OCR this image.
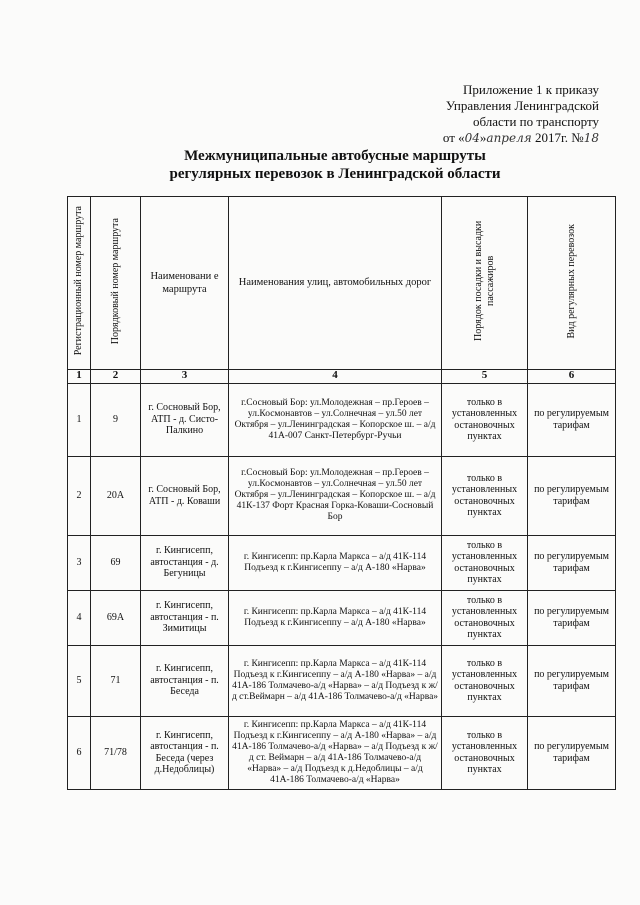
Приложение 1 к приказу
Управления Ленинградской
области по транспорту
от «04»апреля 2017г. №18
Межмуниципальные автобусные маршруты
регулярных перевозок в Ленинградской области
Регистрационный номер маршрута	Порядковый номер маршрута	Наименовани е маршрута	Наименования улиц, автомобильных дорог	Порядок посадки и высадки пассажиров	Вид регулярных перевозок
1	2	3	4	5	6
1	9	г. Сосновый Бор, АТП - д. Систо-Палкино	г.Сосновый Бор: ул.Молодежная – пр.Героев – ул.Космонавтов – ул.Солнечная – ул.50 лет Октября – ул.Ленинградская – Копорское ш. – а/д 41А-007 Санкт-Петербург-Ручьи	только в установленных остановочных пунктах	по регулируемым тарифам
2	20А	г. Сосновый Бор, АТП - д. Коваши	г.Сосновый Бор: ул.Молодежная – пр.Героев – ул.Космонавтов – ул.Солнечная – ул.50 лет Октября – ул.Ленинградская – Копорское ш. – а/д 41К-137 Форт Красная Горка-Коваши-Сосновый Бор	только в установленных остановочных пунктах	по регулируемым тарифам
3	69	г. Кингисепп, автостанция - д. Бегуницы	г. Кингисепп: пр.Карла Маркса – а/д 41К-114 Подъезд к г.Кингисеппу – а/д А-180 «Нарва»	только в установленных остановочных пунктах	по регулируемым тарифам
4	69А	г. Кингисепп, автостанция - п. Зимитицы	г. Кингисепп: пр.Карла Маркса – а/д 41К-114 Подъезд к г.Кингисеппу – а/д А-180 «Нарва»	только в установленных остановочных пунктах	по регулируемым тарифам
5	71	г. Кингисепп, автостанция - п. Беседа	г. Кингисепп: пр.Карла Маркса – а/д 41К-114 Подъезд к г.Кингисеппу – а/д А-180 «Нарва» – а/д 41А-186 Толмачево-а/д «Нарва» – а/д Подъезд к ж/д ст.Веймарн – а/д 41А-186 Толмачево-а/д «Нарва»	только в установленных остановочных пунктах	по регулируемым тарифам
6	71/78	г. Кингисепп, автостанция - п. Беседа (через д.Недоблицы)	г. Кингисепп: пр.Карла Маркса – а/д 41К-114 Подъезд к г.Кингисеппу – а/д А-180 «Нарва» – а/д 41А-186 Толмачево-а/д «Нарва» – а/д Подъезд к ж/д ст. Веймарн – а/д 41А-186 Толмачево-а/д «Нарва» – а/д Подъезд к д.Недоблицы – а/д 41А-186 Толмачево-а/д «Нарва»	только в установленных остановочных пунктах	по регулируемым тарифам
